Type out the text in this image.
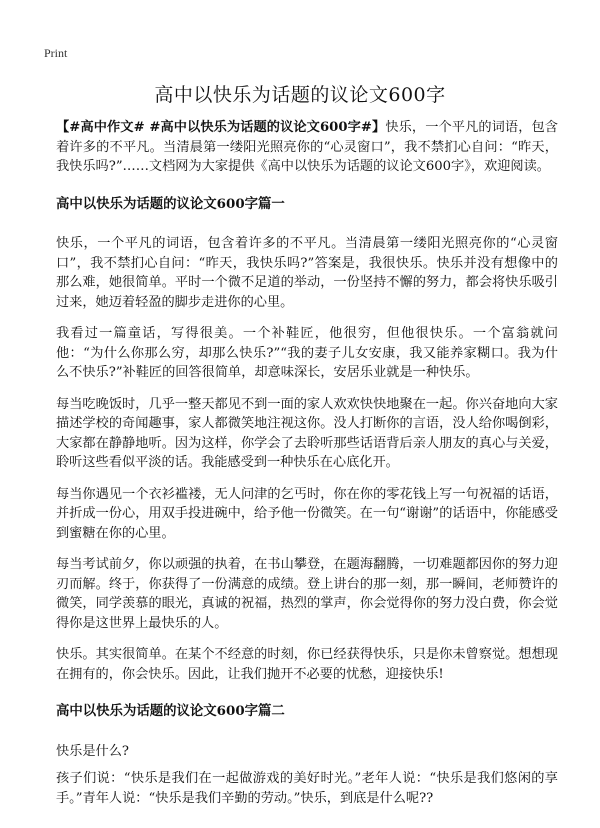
Print
高中以快乐为话题的议论文600字

【#高中作文# #高中以快乐为话题的议论文600字#】快乐，一个平凡的词语，包含着许多的不平凡。当清晨第一缕阳光照亮你的“心灵窗口”，我不禁扪心自问：“昨天，我快乐吗?”……文档网为大家提供《高中以快乐为话题的议论文600字》，欢迎阅读。

高中以快乐为话题的议论文600字篇一

快乐，一个平凡的词语，包含着许多的不平凡。当清晨第一缕阳光照亮你的“心灵窗口”，我不禁扪心自问：“昨天，我快乐吗?”答案是，我很快乐。快乐并没有想像中的那么难，她很简单。平时一个微不足道的举动，一份坚持不懈的努力，都会将快乐吸引过来，她迈着轻盈的脚步走进你的心里。

我看过一篇童话，写得很美。一个补鞋匠，他很穷，但他很快乐。一个富翁就问他：“为什么你那么穷，却那么快乐?”“我的妻子儿女安康，我又能养家糊口。我为什么不快乐?”补鞋匠的回答很简单，却意味深长，安居乐业就是一种快乐。

每当吃晚饭时，几乎一整天都见不到一面的家人欢欢快快地聚在一起。你兴奋地向大家描述学校的奇闻趣事，家人都微笑地注视这你。没人打断你的言语，没人给你喝倒彩，大家都在静静地听。因为这样，你学会了去聆听那些话语背后亲人朋友的真心与关爱，聆听这些看似平淡的话。我能感受到一种快乐在心底化开。

每当你遇见一个衣衫褴褛，无人问津的乞丐时，你在你的零花钱上写一句祝福的话语，并折成一份心，用双手投进碗中，给予他一份微笑。在一句“谢谢”的话语中，你能感受到蜜糖在你的心里。

每当考试前夕，你以顽强的执着，在书山攀登，在题海翻腾，一切难题都因你的努力迎刃而解。终于，你获得了一份满意的成绩。登上讲台的那一刻，那一瞬间，老师赞许的微笑，同学羡慕的眼光，真诚的祝福，热烈的掌声，你会觉得你的努力没白费，你会觉得你是这世界上最快乐的人。

快乐。其实很简单。在某个不经意的时刻，你已经获得快乐，只是你未曾察觉。想想现在拥有的，你会快乐。因此，让我们抛开不必要的忧愁，迎接快乐!

高中以快乐为话题的议论文600字篇二

快乐是什么?

孩子们说：“快乐是我们在一起做游戏的美好时光。”老年人说：“快乐是我们悠闲的享手。”青年人说：“快乐是我们辛勤的劳动。”快乐，到底是什么呢??
